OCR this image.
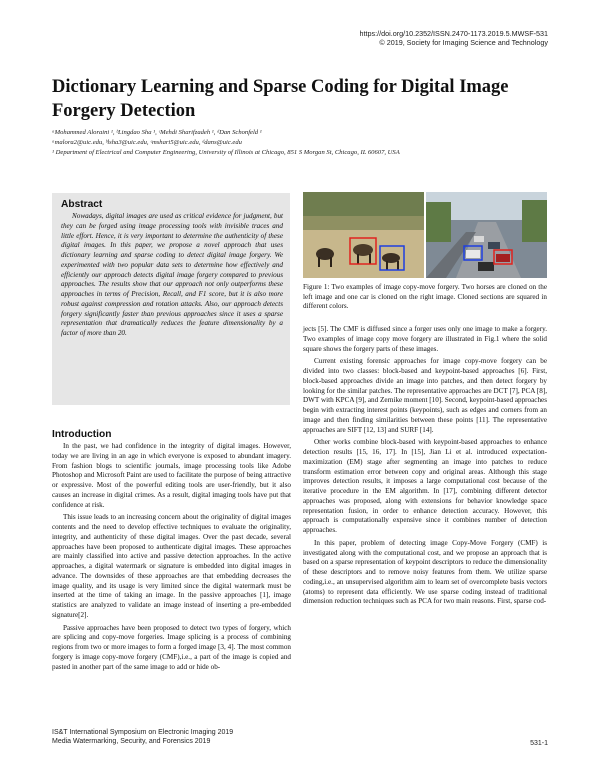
https://doi.org/10.2352/ISSN.2470-1173.2019.5.MWSF-531
© 2019, Society for Imaging Science and Technology
Dictionary Learning and Sparse Coding for Digital Image Forgery Detection
ᵃMohammed Aloraini ¹, ᵇLingdao Sha ¹, ᶜMehdi Sharifzadeh ¹, ᵈDan Schonfeld ¹
ᵃmalora2@uic.edu, ᵇlsha3@uic.edu, ᶜmshari5@uic.edu, ᵈdans@uic.edu
¹ Department of Electrical and Computer Engineering, University of Illinois at Chicago, 851 S Morgan St, Chicago, IL 60607, USA
Abstract

Nowadays, digital images are used as critical evidence for judgment, but they can be forged using image processing tools with invisible traces and little effort. Hence, it is very important to determine the authenticity of these digital images. In this paper, we propose a novel approach that uses dictionary learning and sparse coding to detect digital image forgery. We experimented with two popular data sets to determine how effectively and efficiently our approach detects digital image forgery compared to previous approaches. The results show that our approach not only outperforms these approaches in terms of Precision, Recall, and F1 score, but it is also more robust against compression and rotation attacks. Also, our approach detects forgery significantly faster than previous approaches since it uses a sparse representation that dramatically reduces the feature dimensionality by a factor of more than 20.

Introduction

In the past, we had confidence in the integrity of digital images. However, today we are living in an age in which everyone is exposed to abundant imagery. From fashion blogs to scientific journals, image processing tools like Adobe Photoshop and Microsoft Paint are used to facilitate the purpose of being attractive or expressive. Most of the powerful editing tools are user-friendly, but it also causes an increase in digital crimes. As a result, digital imaging tools have put that confidence at risk.

This issue leads to an increasing concern about the originality of digital images contents and the need to develop effective techniques to evaluate the originality, integrity, and authenticity of these digital images. Over the past decade, several approaches have been proposed to authenticate digital images. These approaches are mainly classified into active and passive detection approaches. In the active approaches, a digital watermark or signature is embedded into digital images in advance. The downsides of these approaches are that embedding decreases the image quality, and its usage is very limited since the digital watermark must be inserted at the time of taking an image. In the passive approaches [1], image statistics are analyzed to validate an image instead of inserting a pre-embedded signature[2].

Passive approaches have been proposed to detect two types of forgery, which are splicing and copy-move forgeries. Image splicing is a process of combining regions from two or more images to form a forged image [3, 4]. The most common forgery is image copy-move forgery (CMF),i.e., a part of the image is copied and pasted in another part of the same image to add or hide ob-

Figure 1: Two examples of image copy-move forgery. Two horses are cloned on the left image and one car is cloned on the right image. Cloned sections are squared in different colors.

jects [5]. The CMF is diffused since a forger uses only one image to make a forgery. Two examples of image copy move forgery are illustrated in Fig.1 where the solid square shows the forgery parts of these images.

Current existing forensic approaches for image copy-move forgery can be divided into two classes: block-based and keypoint-based approaches [6]. First, block-based approaches divide an image into patches, and then detect forgery by looking for the similar patches. The representative approaches are DCT [7], PCA [8], DWT with KPCA [9], and Zernike moment [10]. Second, keypoint-based approaches begin with extracting interest points (keypoints), such as edges and corners from an image and then finding similarities between these points [11]. The representative approaches are SIFT [12, 13] and SURF [14].

Other works combine block-based with keypoint-based approaches to enhance detection results [15, 16, 17]. In [15], Jian Li et al. introduced expectation- maximization (EM) stage after segmenting an image into patches to reduce transform estimation error between copy and original areas. Although this stage improves detection results, it imposes a large computational cost because of the iterative procedure in the EM algorithm. In [17], combining different detector approaches was proposed, along with extensions for behavior knowledge space representation fusion, in order to enhance detection accuracy. However, this approach is computationally expensive since it combines number of detection approaches.

In this paper, problem of detecting image Copy-Move Forgery (CMF) is investigated along with the computational cost, and we propose an approach that is based on a sparse representation of keypoint descriptors to reduce the dimensionality of these descriptors and to remove noisy features from them. We utilize sparse coding,i.e., an unsupervised algorithm aim to learn set of overcomplete basis vectors (atoms) to represent data efficiently. We use sparse coding instead of traditional dimension reduction techniques such as PCA for two main reasons. First, sparse cod-

IS&T International Symposium on Electronic Imaging 2019
Media Watermarking, Security, and Forensics 2019	531-1
